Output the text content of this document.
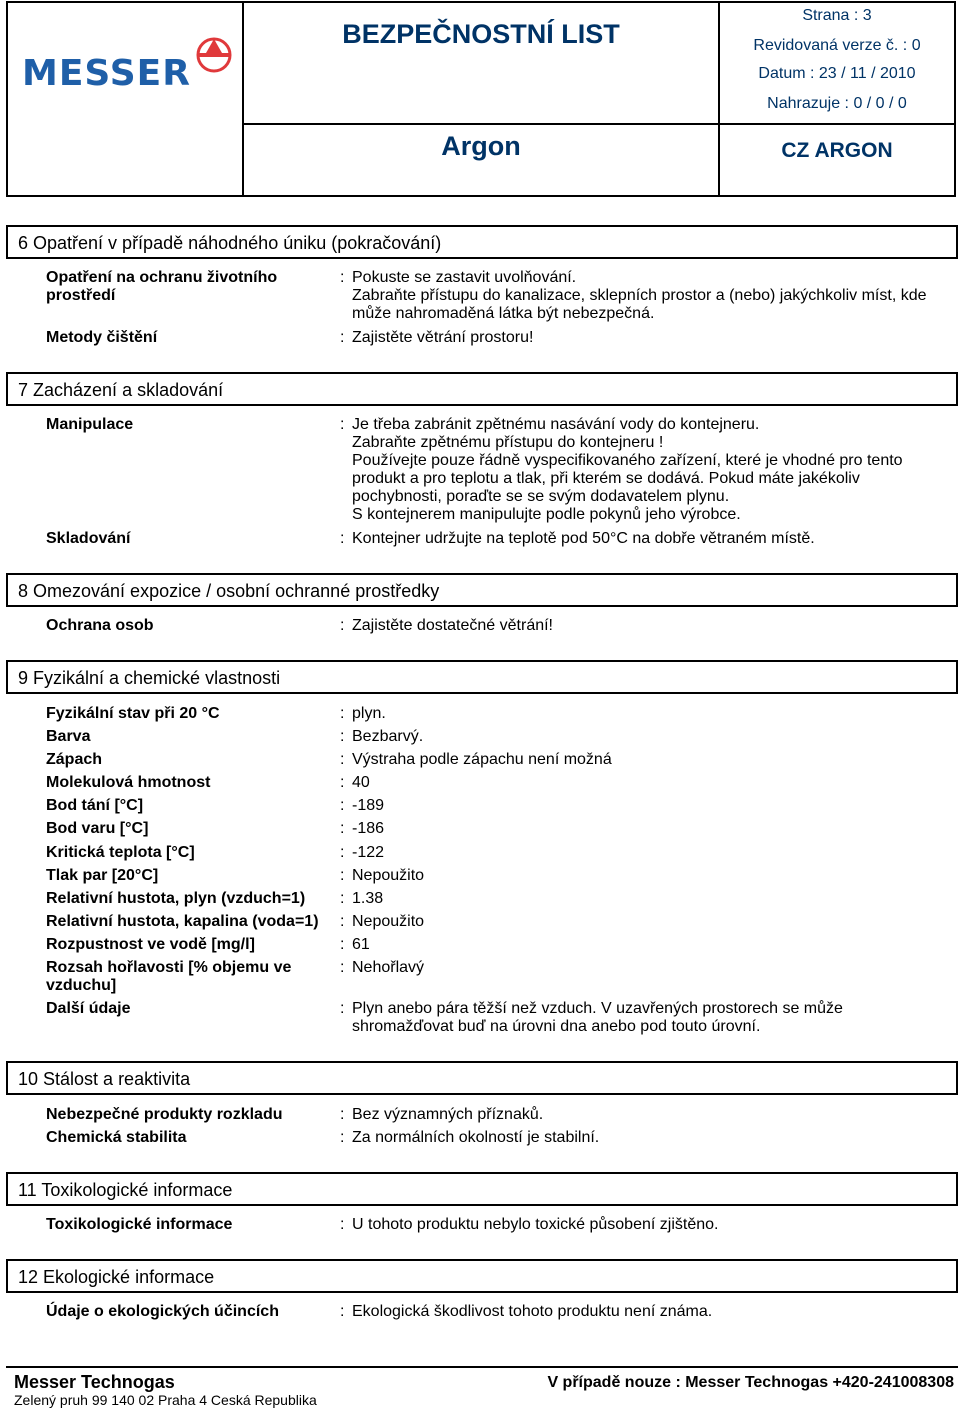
MESSER
BEZPEČNOSTNÍ LIST
Argon
Strana : 3
Revidovaná verze č. : 0
Datum : 23 / 11 / 2010
Nahrazuje : 0 / 0 / 0
CZ ARGON
6 Opatření v případě náhodného úniku (pokračování)
Opatření na ochranu životního prostředí
: Pokuste se zastavit uvolňování.
Zabraňte přístupu do kanalizace, sklepních prostor a (nebo) jakýchkoliv míst, kde
může nahromaděná látka být nebezpečná.
Metody čištění	: Zajistěte větrání prostoru!
7 Zacházení a skladování
Manipulace	: Je třeba zabránit zpětnému nasávání vody do kontejneru.
Zabraňte zpětnému přístupu do kontejneru !
Používejte pouze řádně vyspecifikovaného zařízení, které je vhodné pro tento
produkt a pro teplotu a tlak, při kterém se dodává. Pokud máte jakékoliv
pochybnosti, poraďte se se svým dodavatelem plynu.
S kontejnerem manipulujte podle pokynů jeho výrobce.
Skladování	: Kontejner udržujte na teplotě pod 50°C na dobře větraném místě.
8 Omezování expozice / osobní ochranné prostředky
Ochrana osob	: Zajistěte dostatečné větrání!
9 Fyzikální a chemické vlastnosti
Fyzikální stav při 20 °C	: plyn.
Barva	: Bezbarvý.
Zápach	: Výstraha podle zápachu není možná
Molekulová hmotnost	: 40
Bod tání [°C]	: -189
Bod varu [°C]	: -186
Kritická teplota [°C]	: -122
Tlak par [20°C]	: Nepoužito
Relativní hustota, plyn (vzduch=1)	: 1.38
Relativní hustota, kapalina (voda=1)	: Nepoužito
Rozpustnost ve vodě [mg/l]	: 61
Rozsah hořlavosti [% objemu ve vzduchu]
: Nehořlavý
Další údaje	: Plyn anebo pára těžší než vzduch. V uzavřených prostorech se může
shromažďovat buď na úrovni dna anebo pod touto úrovní.
10 Stálost a reaktivita
Nebezpečné produkty rozkladu	: Bez významných příznaků.
Chemická stabilita	: Za normálních okolností je stabilní.
11 Toxikologické informace
Toxikologické informace	: U tohoto produktu nebylo toxické působení zjištěno.
12 Ekologické informace
Údaje o ekologických účincích	: Ekologická škodlivost tohoto produktu není známa.
Messer Technogas
Zelený pruh 99 140 02 Praha 4 Ceská Republika
V případě nouze : Messer Technogas +420-241008308
